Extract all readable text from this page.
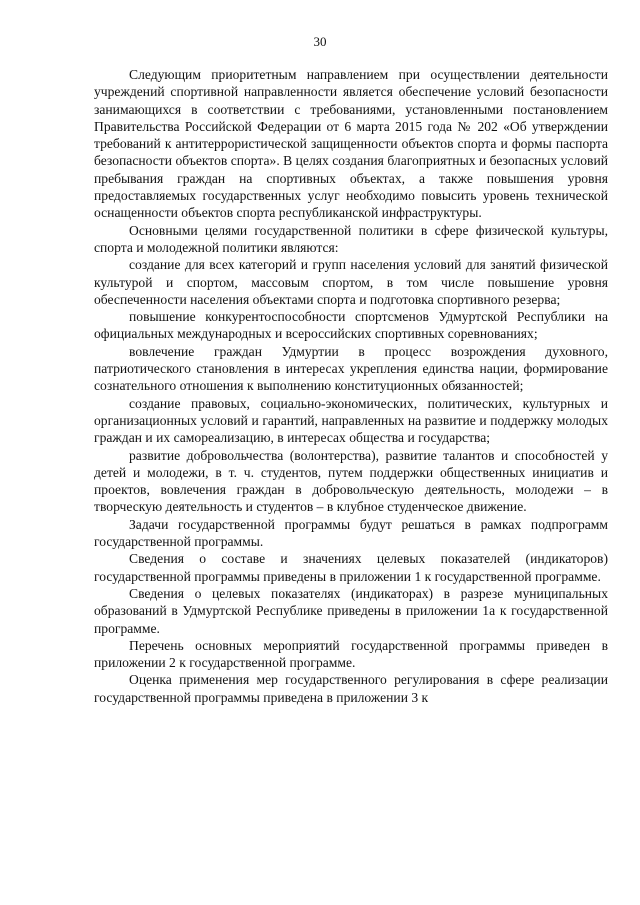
30

Следующим приоритетным направлением при осуществлении деятельности учреждений спортивной направленности является обеспечение условий безопасности занимающихся в соответствии с требованиями, установленными постановлением Правительства Российской Федерации от 6 марта 2015 года № 202 «Об утверждении требований к антитеррористической защищенности объектов спорта и формы паспорта безопасности объектов спорта». В целях создания благоприятных и безопасных условий пребывания граждан на спортивных объектах, а также повышения уровня предоставляемых государственных услуг необходимо повысить уровень технической оснащенности объектов спорта республиканской инфраструктуры.

Основными целями государственной политики в сфере физической культуры, спорта и молодежной политики являются:

создание для всех категорий и групп населения условий для занятий физической культурой и спортом, массовым спортом, в том числе повышение уровня обеспеченности населения объектами спорта и подготовка спортивного резерва;

повышение конкурентоспособности спортсменов Удмуртской Республики на официальных международных и всероссийских спортивных соревнованиях;

вовлечение граждан Удмуртии в процесс возрождения духовного, патриотического становления в интересах укрепления единства нации, формирование сознательного отношения к выполнению конституционных обязанностей;

создание правовых, социально-экономических, политических, культурных и организационных условий и гарантий, направленных на развитие и поддержку молодых граждан и их самореализацию, в интересах общества и государства;

развитие добровольчества (волонтерства), развитие талантов и способностей у детей и молодежи, в т. ч. студентов, путем поддержки общественных инициатив и проектов, вовлечения граждан в добровольческую деятельность, молодежи – в творческую деятельность и студентов – в клубное студенческое движение.

Задачи государственной программы будут решаться в рамках подпрограмм государственной программы.

Сведения о составе и значениях целевых показателей (индикаторов) государственной программы приведены в приложении 1 к государственной программе.

Сведения о целевых показателях (индикаторах) в разрезе муниципальных образований в Удмуртской Республике приведены в приложении 1а к государственной программе.

Перечень основных мероприятий государственной программы приведен в приложении 2 к государственной программе.

Оценка применения мер государственного регулирования в сфере реализации государственной программы приведена в приложении 3 к
